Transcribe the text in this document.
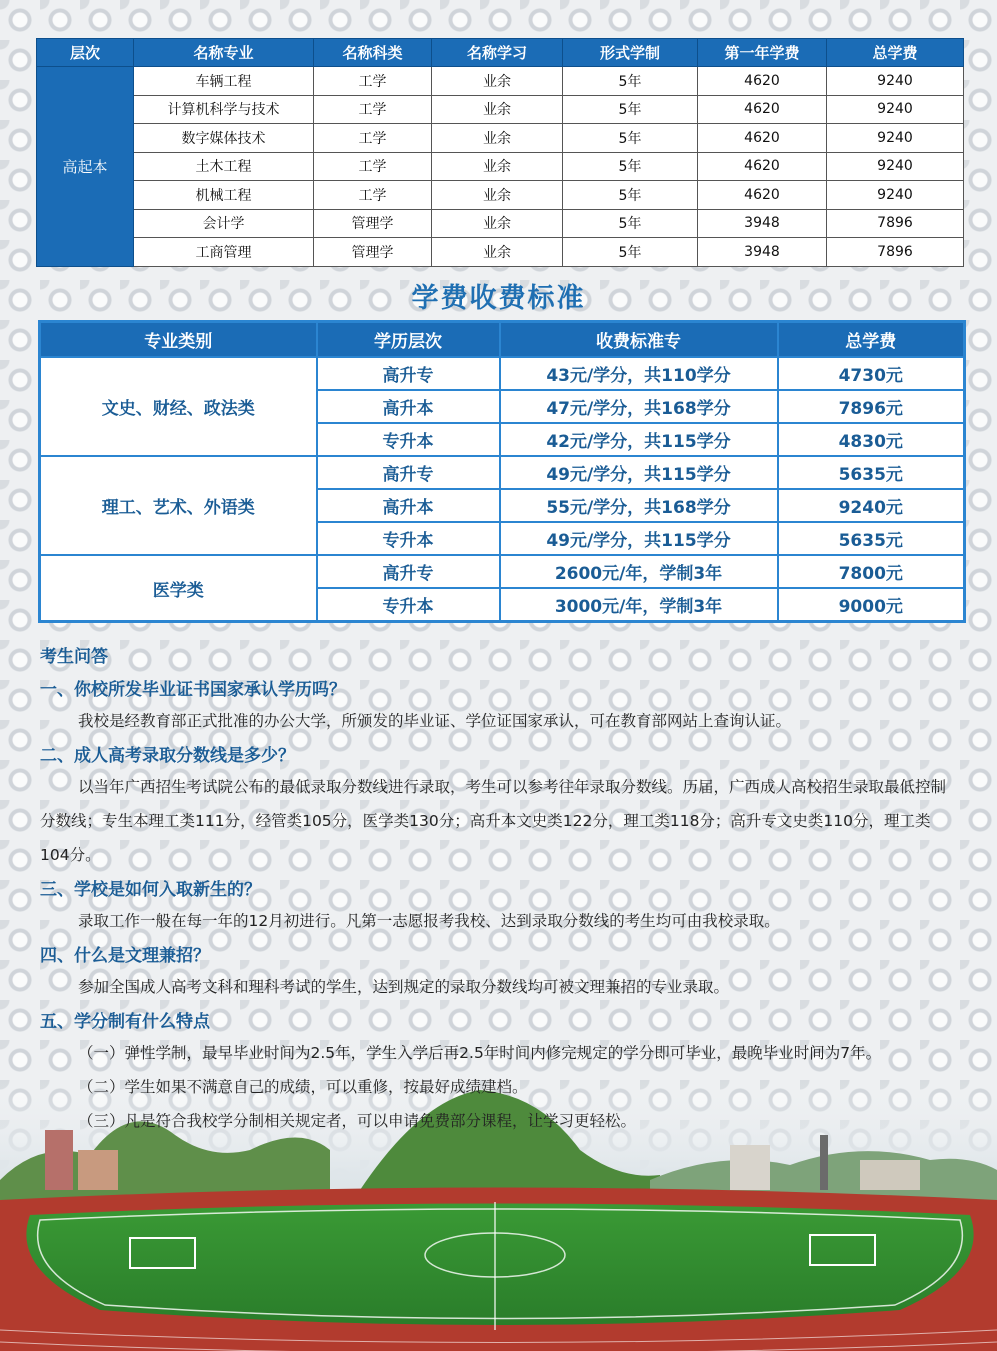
层次	名称专业	名称科类	名称学习	形式学制	第一年学费	总学费
高起本	车辆工程	工学	业余	5年	4620	9240
	计算机科学与技术	工学	业余	5年	4620	9240
	数字媒体技术	工学	业余	5年	4620	9240
	土木工程	工学	业余	5年	4620	9240
	机械工程	工学	业余	5年	4620	9240
	会计学	管理学	业余	5年	3948	7896
	工商管理	管理学	业余	5年	3948	7896
学费收费标准
专业类别	学历层次	收费标准专	总学费
文史、财经、政法类	高升专	43元/学分，共110学分	4730元
	高升本	47元/学分，共168学分	7896元
	专升本	42元/学分，共115学分	4830元
理工、艺术、外语类	高升专	49元/学分，共115学分	5635元
	高升本	55元/学分，共168学分	9240元
	专升本	49元/学分，共115学分	5635元
医学类	高升专	2600元/年，学制3年	7800元
	专升本	3000元/年，学制3年	9000元
考生问答
一、你校所发毕业证书国家承认学历吗？

我校是经教育部正式批准的办公大学，所颁发的毕业证、学位证国家承认，可在教育部网站上查询认证。

二、成人高考录取分数线是多少？

以当年广西招生考试院公布的最低录取分数线进行录取，考生可以参考往年录取分数线。历届，广西成人高校招生录取最低控制分数线；专生本理工类111分，经管类105分，医学类130分；高升本文史类122分，理工类118分；高升专文史类110分，理工类104分。

三、学校是如何入取新生的？

录取工作一般在每一年的12月初进行。凡第一志愿报考我校、达到录取分数线的考生均可由我校录取。

四、什么是文理兼招？

参加全国成人高考文科和理科考试的学生，达到规定的录取分数线均可被文理兼招的专业录取。

五、学分制有什么特点

（一）弹性学制，最早毕业时间为2.5年，学生入学后再2.5年时间内修完规定的学分即可毕业，最晚毕业时间为7年。

（二）学生如果不满意自己的成绩，可以重修，按最好成绩建档。

（三）凡是符合我校学分制相关规定者，可以申请免费部分课程，让学习更轻松。
